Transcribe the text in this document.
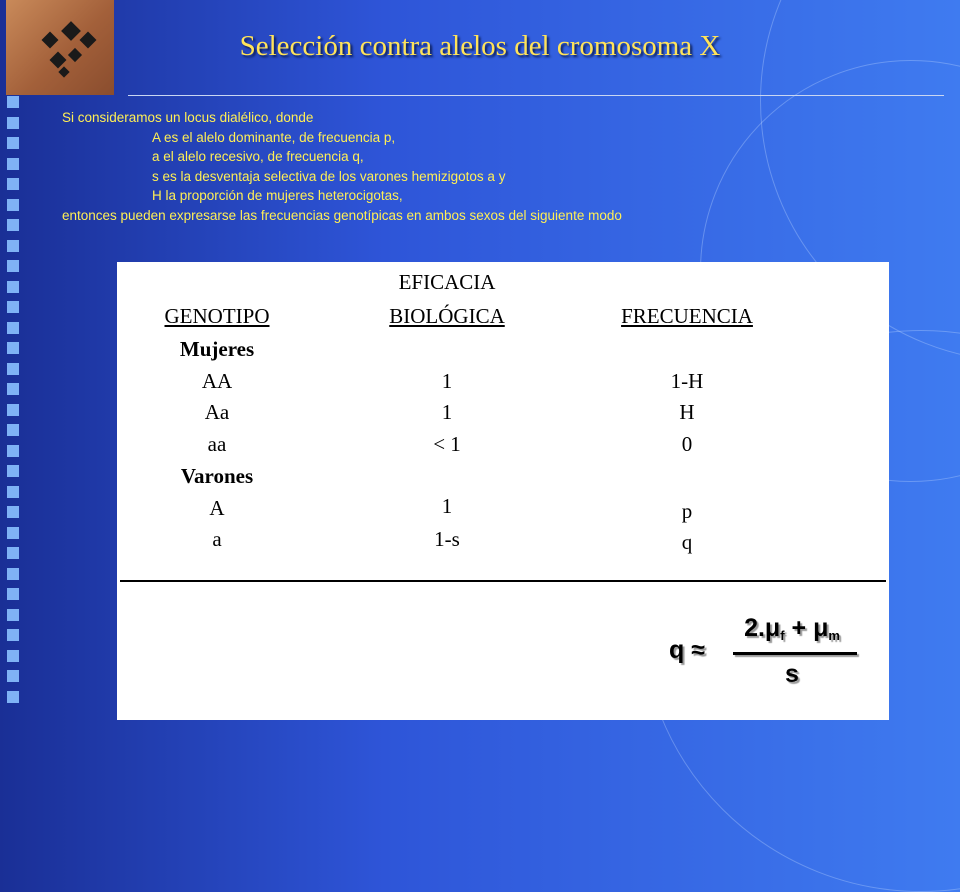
Selección contra alelos del cromosoma X
Si consideramos un locus dialélico, donde
A es el alelo dominante, de frecuencia p,
a el alelo recesivo, de frecuencia q,
s es la desventaja selectiva de los varones hemizigotos a y
H la proporción de mujeres heterocigotas,
entonces pueden expresarse las frecuencias genotípicas en ambos sexos del siguiente modo
EFICACIA
GENOTIPO	BIOLÓGICA	FRECUENCIA
Mujeres
AA	1	1-H
Aa	1	H
aa	< 1	0
Varones
A	1	p
a	1-s	q
q ≈
2.μf + μm
s
